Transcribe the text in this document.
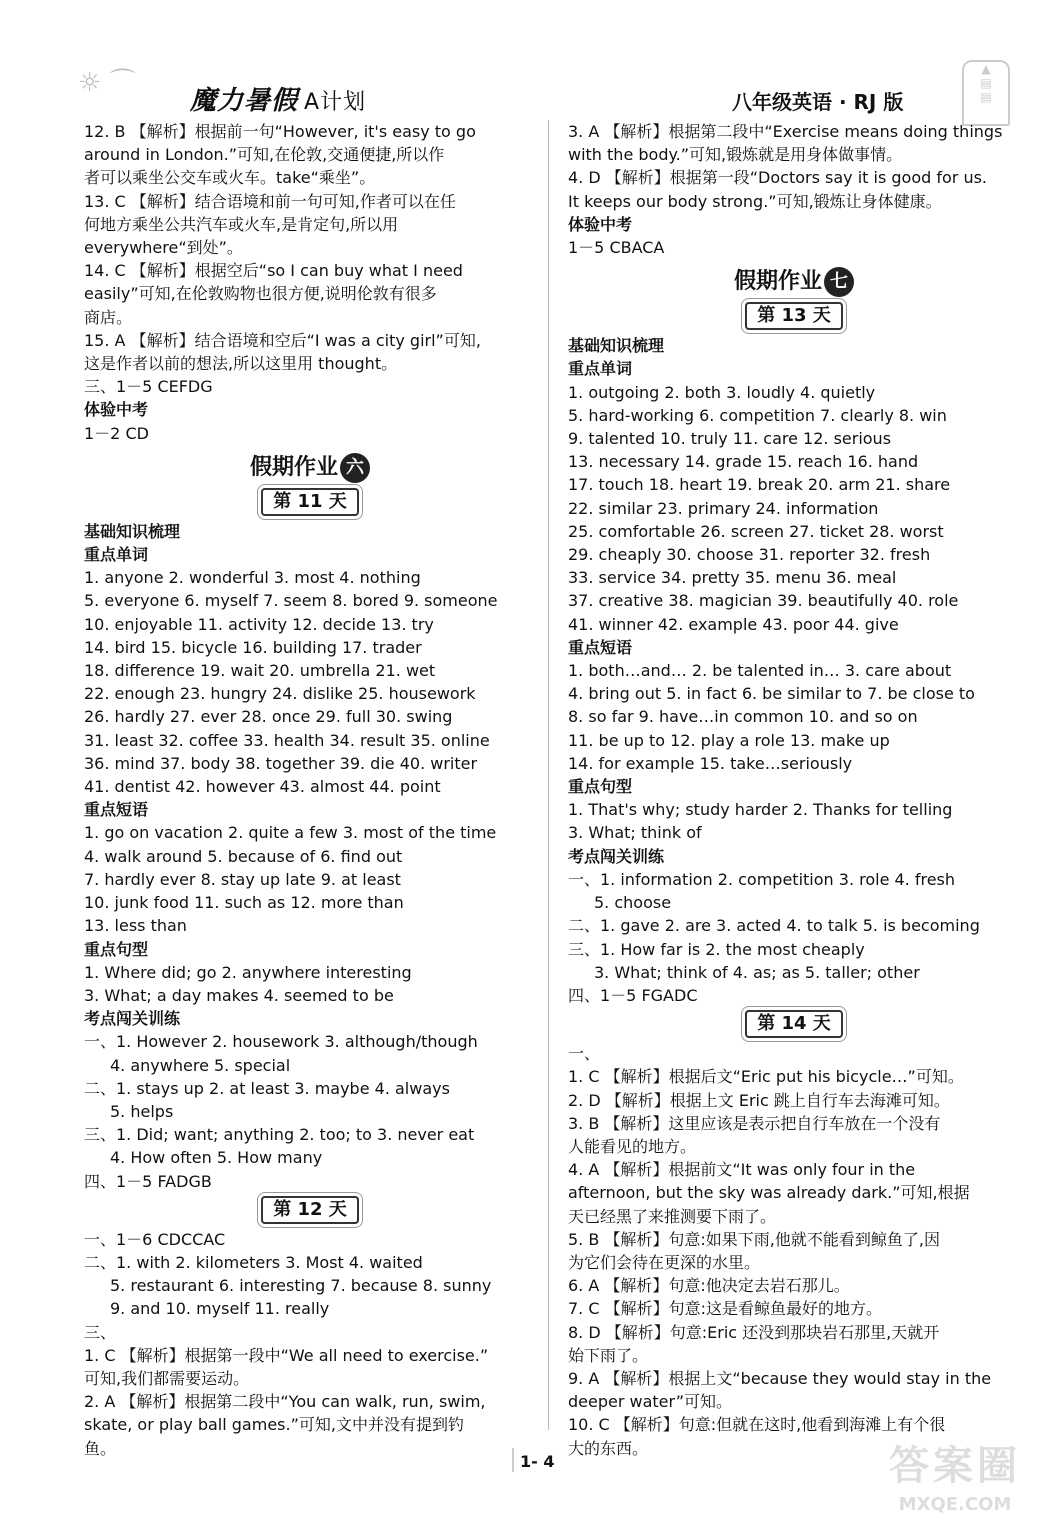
☼ ⌒
魔力暑假 A计划	八年级英语 · RJ 版
▲
▤
▤
12. B 【解析】根据前一句“However, it's easy to go
around in London.”可知,在伦敦,交通便捷,所以作
者可以乘坐公交车或火车。take“乘坐”。
13. C 【解析】结合语境和前一句可知,作者可以在任
何地方乘坐公共汽车或火车,是肯定句,所以用
everywhere“到处”。
14. C 【解析】根据空后“so I can buy what I need
easily”可知,在伦敦购物也很方便,说明伦敦有很多
商店。
15. A 【解析】结合语境和空后“I was a city girl”可知,
这是作者以前的想法,所以这里用 thought。
三、1－5 CEFDG
体验中考
1－2 CD
假期作业 六
第 11 天
基础知识梳理
重点单词
1. anyone 2. wonderful 3. most 4. nothing
5. everyone 6. myself 7. seem 8. bored 9. someone
10. enjoyable 11. activity 12. decide 13. try
14. bird 15. bicycle 16. building 17. trader
18. difference 19. wait 20. umbrella 21. wet
22. enough 23. hungry 24. dislike 25. housework
26. hardly 27. ever 28. once 29. full 30. swing
31. least 32. coffee 33. health 34. result 35. online
36. mind 37. body 38. together 39. die 40. writer
41. dentist 42. however 43. almost 44. point
重点短语
1. go on vacation 2. quite a few 3. most of the time
4. walk around 5. because of 6. find out
7. hardly ever 8. stay up late 9. at least
10. junk food 11. such as 12. more than
13. less than
重点句型
1. Where did; go 2. anywhere interesting
3. What; a day makes 4. seemed to be
考点闯关训练
一、1. However 2. housework 3. although/though
4. anywhere 5. special
二、1. stays up 2. at least 3. maybe 4. always
5. helps
三、1. Did; want; anything 2. too; to 3. never eat
4. How often 5. How many
四、1－5 FADGB
第 12 天
一、1－6 CDCCAC
二、1. with 2. kilometers 3. Most 4. waited
5. restaurant 6. interesting 7. because 8. sunny
9. and 10. myself 11. really
三、
1. C 【解析】根据第一段中“We all need to exercise.”
可知,我们都需要运动。
2. A 【解析】根据第二段中“You can walk, run, swim,
skate, or play ball games.”可知,文中并没有提到钓
鱼。
3. A 【解析】根据第二段中“Exercise means doing things
with the body.”可知,锻炼就是用身体做事情。
4. D 【解析】根据第一段“Doctors say it is good for us.
It keeps our body strong.”可知,锻炼让身体健康。
体验中考
1－5 CBACA
假期作业 七
第 13 天
基础知识梳理
重点单词
1. outgoing 2. both 3. loudly 4. quietly
5. hard-working 6. competition 7. clearly 8. win
9. talented 10. truly 11. care 12. serious
13. necessary 14. grade 15. reach 16. hand
17. touch 18. heart 19. break 20. arm 21. share
22. similar 23. primary 24. information
25. comfortable 26. screen 27. ticket 28. worst
29. cheaply 30. choose 31. reporter 32. fresh
33. service 34. pretty 35. menu 36. meal
37. creative 38. magician 39. beautifully 40. role
41. winner 42. example 43. poor 44. give
重点短语
1. both…and… 2. be talented in… 3. care about
4. bring out 5. in fact 6. be similar to 7. be close to
8. so far 9. have…in common 10. and so on
11. be up to 12. play a role 13. make up
14. for example 15. take…seriously
重点句型
1. That's why; study harder 2. Thanks for telling
3. What; think of
考点闯关训练
一、1. information 2. competition 3. role 4. fresh
5. choose
二、1. gave 2. are 3. acted 4. to talk 5. is becoming
三、1. How far is 2. the most cheaply
3. What; think of 4. as; as 5. taller; other
四、1－5 FGADC
第 14 天
一、
1. C 【解析】根据后文“Eric put his bicycle…”可知。
2. D 【解析】根据上文 Eric 跳上自行车去海滩可知。
3. B 【解析】这里应该是表示把自行车放在一个没有
人能看见的地方。
4. A 【解析】根据前文“It was only four in the
afternoon, but the sky was already dark.”可知,根据
天已经黑了来推测要下雨了。
5. B 【解析】句意:如果下雨,他就不能看到鲸鱼了,因
为它们会待在更深的水里。
6. A 【解析】句意:他决定去岩石那儿。
7. C 【解析】句意:这是看鲸鱼最好的地方。
8. D 【解析】句意:Eric 还没到那块岩石那里,天就开
始下雨了。
9. A 【解析】根据上文“because they would stay in the
deeper water”可知。
10. C 【解析】句意:但就在这时,他看到海滩上有个很
大的东西。
1- 4	答案圈
MXQE.COM
